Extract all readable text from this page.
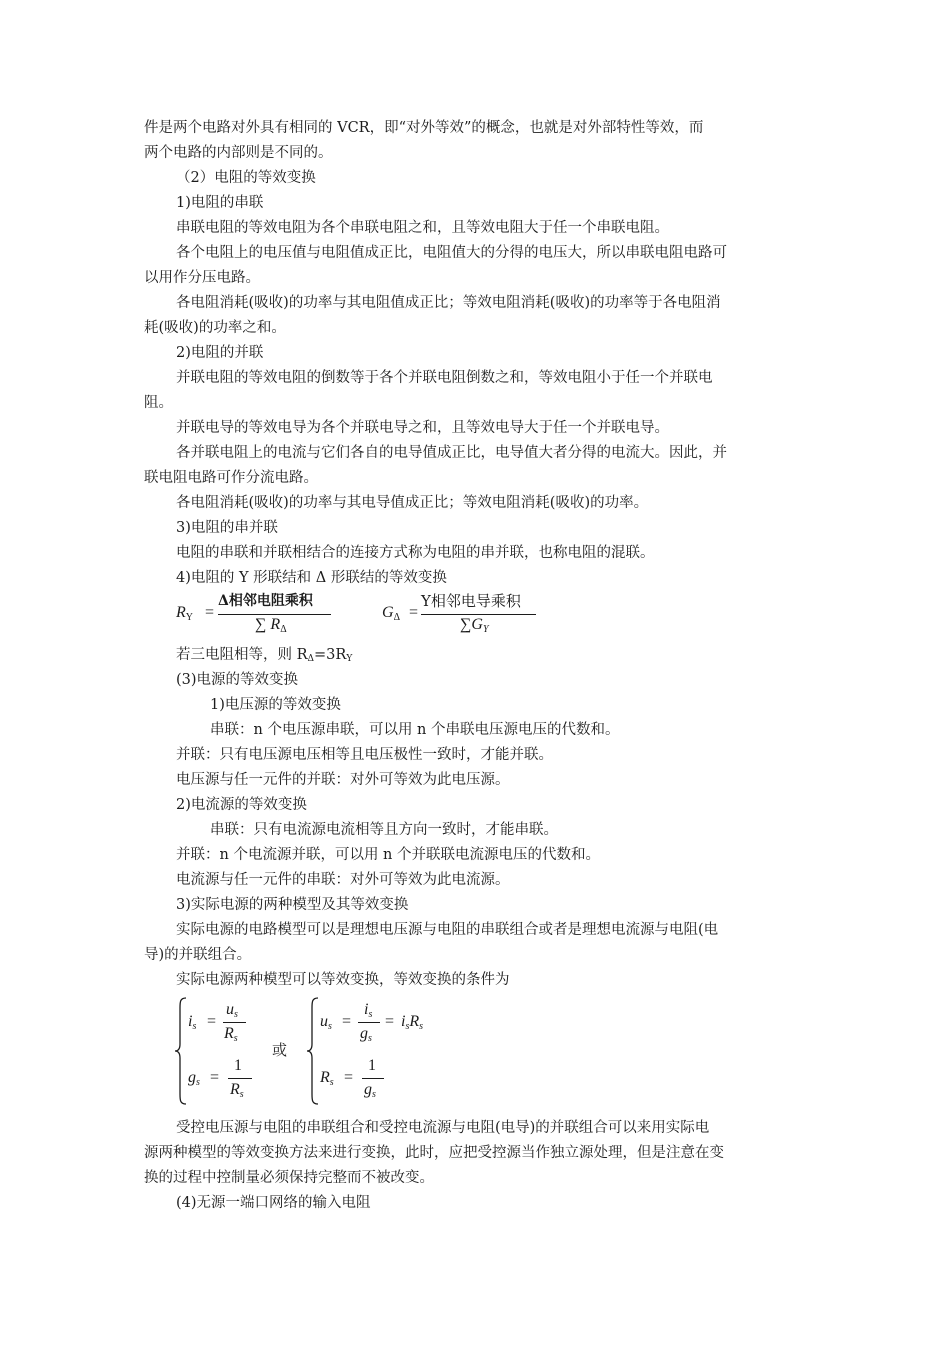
件是两个电路对外具有相同的 VCR，即“对外等效”的概念，也就是对外部特性等效，而
两个电路的内部则是不同的。
（2）电阻的等效变换
1)电阻的串联
串联电阻的等效电阻为各个串联电阻之和，且等效电阻大于任一个串联电阻。
各个电阻上的电压值与电阻值成正比，电阻值大的分得的电压大，所以串联电阻电路可
以用作分压电路。
各电阻消耗(吸收)的功率与其电阻值成正比；等效电阻消耗(吸收)的功率等于各电阻消
耗(吸收)的功率之和。
2)电阻的并联
并联电阻的等效电阻的倒数等于各个并联电阻倒数之和，等效电阻小于任一个并联电
阻。
并联电导的等效电导为各个并联电导之和，且等效电导大于任一个并联电导。
各并联电阻上的电流与它们各自的电导值成正比，电导值大者分得的电流大。因此，并
联电阻电路可作分流电路。
各电阻消耗(吸收)的功率与其电导值成正比；等效电阻消耗(吸收)的功率。
3)电阻的串并联
电阻的串联和并联相结合的连接方式称为电阻的串并联，也称电阻的混联。
4)电阻的 Y 形联结和 Δ 形联结的等效变换
$R_Y$ =
Δ相邻电阻乘积
∑ $R_\Delta$
$G_\Delta$ =
Y相邻电导乘积
$\sum G_Y$
若三电阻相等，则 RΔ=3RY
(3)电源的等效变换
1)电压源的等效变换
串联：n 个电压源串联，可以用 n 个串联电压源电压的代数和。
并联：只有电压源电压相等且电压极性一致时，才能并联。
电压源与任一元件的并联：对外可等效为此电压源。
2)电流源的等效变换
串联：只有电流源电流相等且方向一致时，才能串联。
并联：n 个电流源并联，可以用 n 个并联联电流源电压的代数和。
电流源与任一元件的串联：对外可等效为此电流源。
3)实际电源的两种模型及其等效变换
实际电源的电路模型可以是理想电压源与电阻的串联组合或者是理想电流源与电阻(电
导)的并联组合。
实际电源两种模型可以等效变换，等效变换的条件为
$i_s$ =
$u_s$
$R_s$
$g_s$ =
1
$R_s$
或
$u_s$ =
$i_s$
$g_s$
= $i_sR_s$
$R_s$ =
1
$g_s$
受控电压源与电阻的串联组合和受控电流源与电阻(电导)的并联组合可以来用实际电
源两种模型的等效变换方法来进行变换，此时，应把受控源当作独立源处理，但是注意在变
换的过程中控制量必须保持完整而不被改变。
(4)无源一端口网络的输入电阻
